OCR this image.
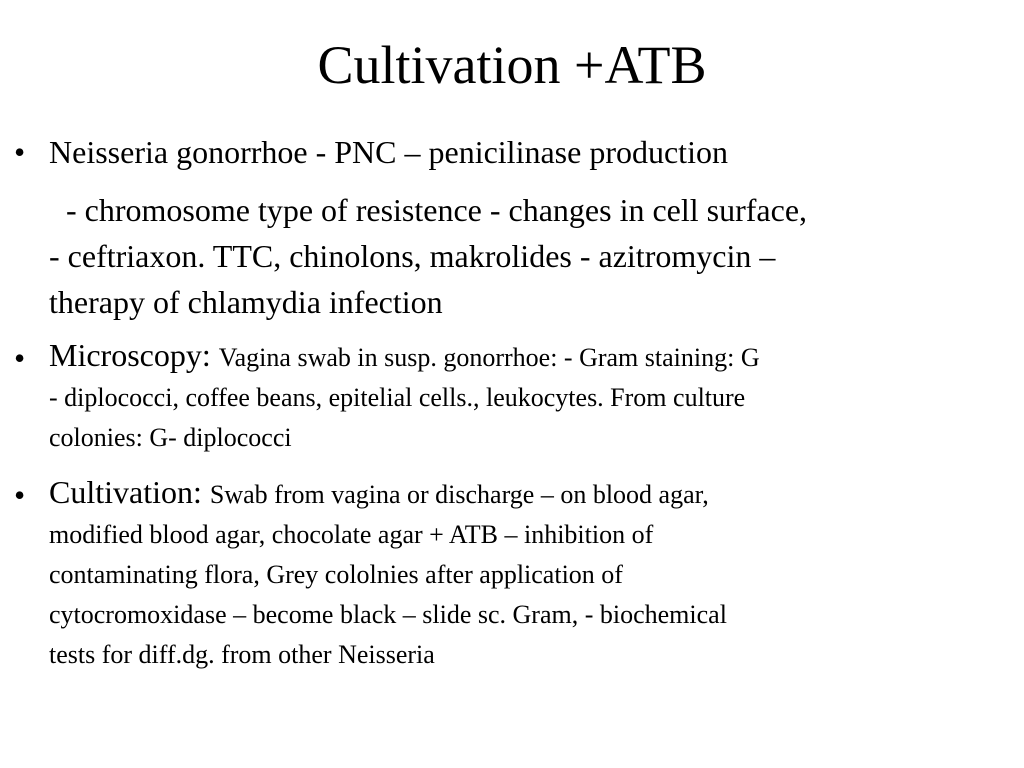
Cultivation +ATB
• Neisseria gonorrhoe - PNC – penicilinase production
- chromosome type of resistence - changes in cell surface,
- ceftriaxon. TTC, chinolons, makrolides - azitromycin –
therapy of chlamydia infection
• Microscopy: Vagina swab in susp. gonorrhoe: - Gram staining: G
- diplococci, coffee beans, epitelial cells., leukocytes. From culture
colonies: G- diplococci
• Cultivation: Swab from vagina or discharge – on blood agar,
modified blood agar, chocolate agar + ATB – inhibition of
contaminating flora, Grey cololnies after application of
cytocromoxidase – become black – slide sc. Gram, - biochemical
tests for diff.dg. from other Neisseria
